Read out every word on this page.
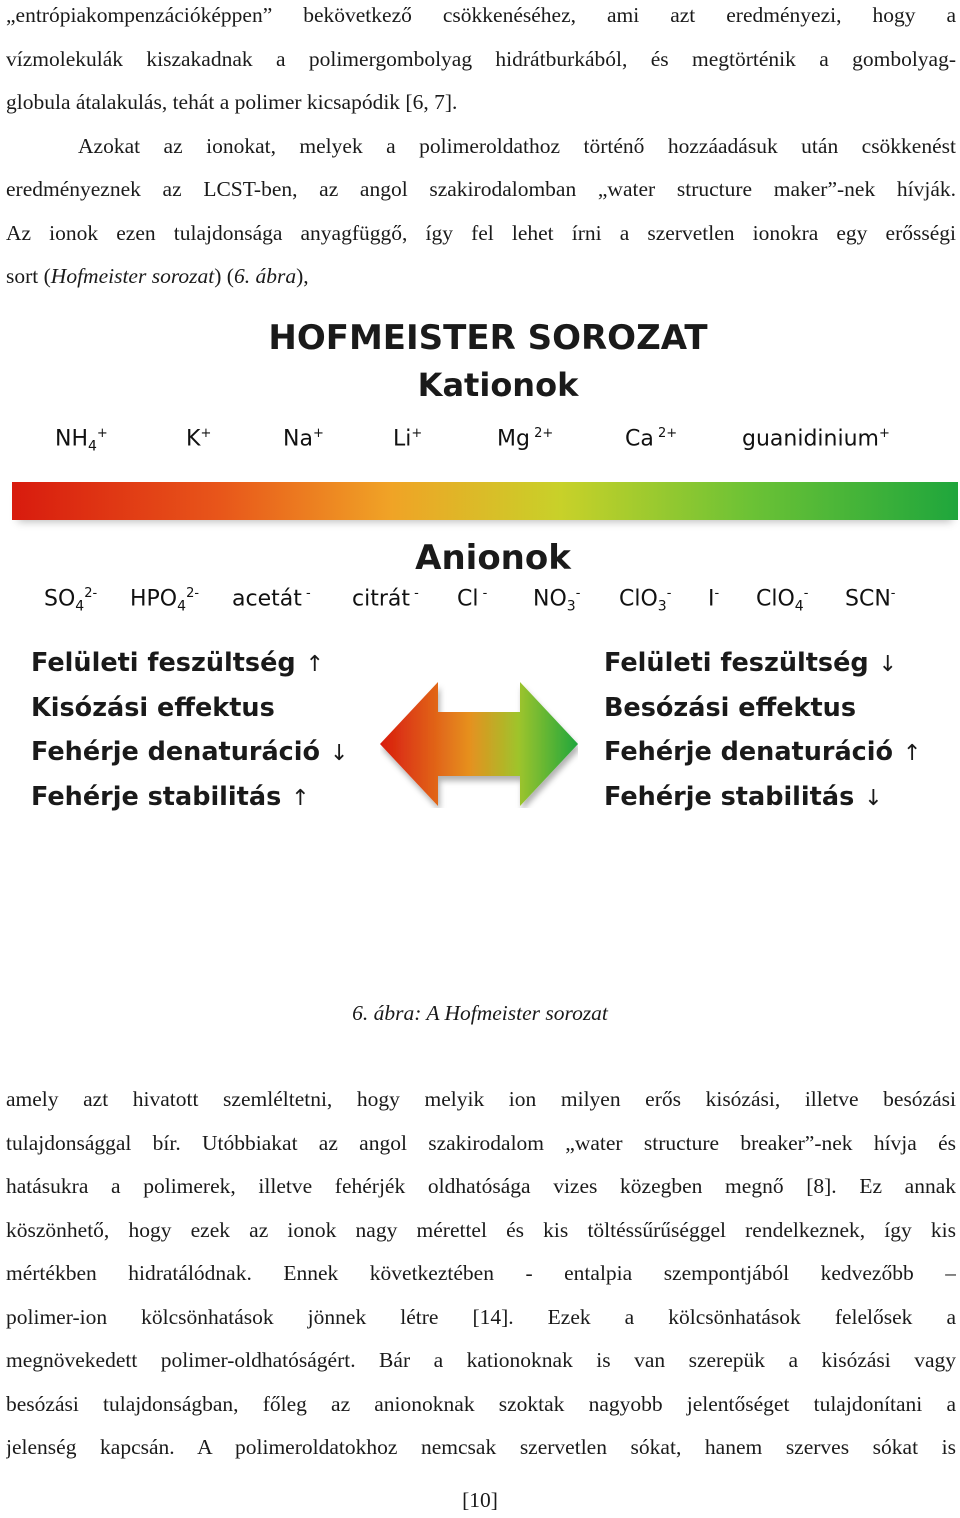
„entrópiakompenzációképpen” bekövetkező csökkenéséhez, ami azt eredményezi, hogy a
vízmolekulák kiszakadnak a polimergombolyag hidrátburkából, és megtörténik a gombolyag-
globula átalakulás, tehát a polimer kicsapódik [6, 7].
Azokat az ionokat, melyek a polimeroldathoz történő hozzáadásuk után csökkenést
eredményeznek az LCST-ben, az angol szakirodalomban „water structure maker”-nek hívják.
Az ionok ezen tulajdonsága anyagfüggő, így fel lehet írni a szervetlen ionokra egy erősségi
sort (Hofmeister sorozat) (6. ábra),
HOFMEISTER SOROZAT
Kationok
$NH_4^+$	K+	Na+	Li+	Mg $^{2+}$	Ca $^{2+}$	guanidinium+
Anionok
$SO_4^{2-}$ $HPO_4^{2-}$ acetát - citrát - Cl - $NO_3^-$ ClO$_3$- I- ClO$_4$- SCN-
Felületi feszültség ↑
Kisózási effektus
Fehérje denaturáció ↓
Fehérje stabilitás ↑
Felületi feszültség ↓
Besózási effektus
Fehérje denaturáció ↑
Fehérje stabilitás ↓
6. ábra: A Hofmeister sorozat
amely azt hivatott szemléltetni, hogy melyik ion milyen erős kisózási, illetve besózási
tulajdonsággal bír. Utóbbiakat az angol szakirodalom „water structure breaker”-nek hívja és
hatásukra a polimerek, illetve fehérjék oldhatósága vizes közegben megnő [8]. Ez annak
köszönhető, hogy ezek az ionok nagy mérettel és kis töltéssűrűséggel rendelkeznek, így kis
mértékben hidratálódnak. Ennek következtében - entalpia szempontjából kedvezőbb –
polimer-ion kölcsönhatások jönnek létre [14]. Ezek a kölcsönhatások felelősek a
megnövekedett polimer-oldhatóságért. Bár a kationoknak is van szerepük a kisózási vagy
besózási tulajdonságban, főleg az anionoknak szoktak nagyobb jelentőséget tulajdonítani a
jelenség kapcsán. A polimeroldatokhoz nemcsak szervetlen sókat, hanem szerves sókat is
[10]
